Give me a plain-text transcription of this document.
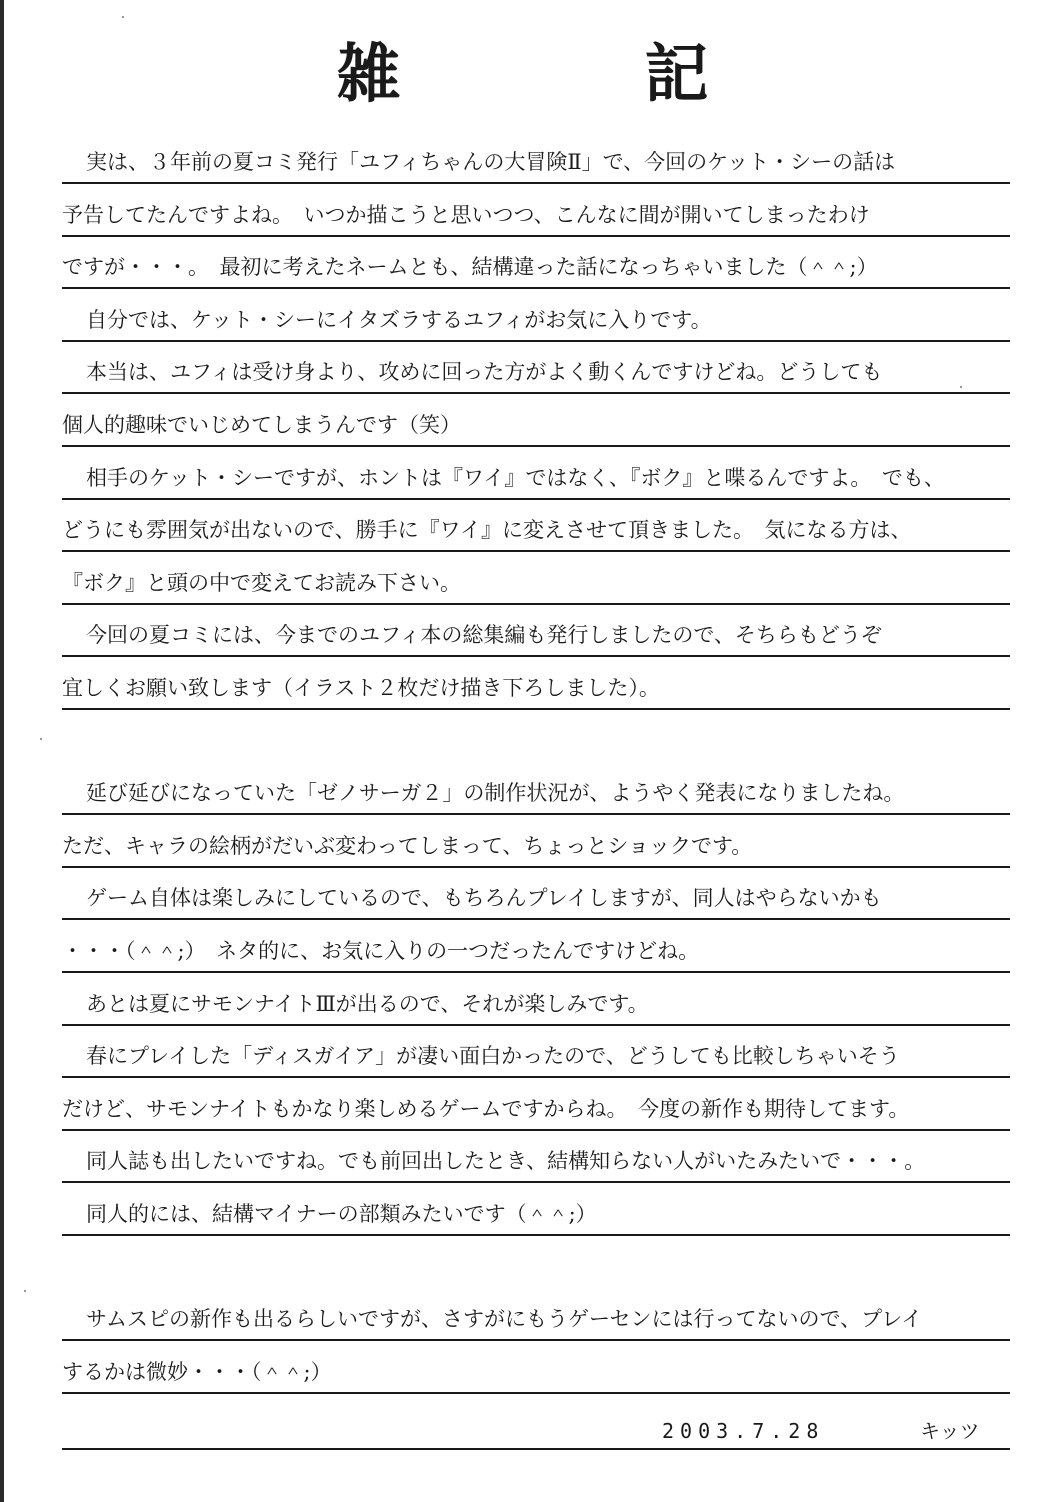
雑　記
実は、３年前の夏コミ発行「ユフィちゃんの大冒険Ⅱ」で、今回のケット・シーの話は
予告してたんですよね。　いつか描こうと思いつつ、こんなに間が開いてしまったわけ
ですが・・・。　最初に考えたネームとも、結構違った話になっちゃいました（＾＾;）
自分では、ケット・シーにイタズラするユフィがお気に入りです。
本当は、ユフィは受け身より、攻めに回った方がよく動くんですけどね。どうしても
個人的趣味でいじめてしまうんです（笑）
相手のケット・シーですが、ホントは『ワイ』ではなく、『ボク』と喋るんですよ。　でも、
どうにも雰囲気が出ないので、勝手に『ワイ』に変えさせて頂きました。　気になる方は、
『ボク』と頭の中で変えてお読み下さい。
今回の夏コミには、今までのユフィ本の総集編も発行しましたので、そちらもどうぞ
宜しくお願い致します（イラスト２枚だけ描き下ろしました）。
延び延びになっていた「ゼノサーガ２」の制作状況が、ようやく発表になりましたね。
ただ、キャラの絵柄がだいぶ変わってしまって、ちょっとショックです。
ゲーム自体は楽しみにしているので、もちろんプレイしますが、同人はやらないかも
・・・（＾＾;）　ネタ的に、お気に入りの一つだったんですけどね。
あとは夏にサモンナイトⅢが出るので、それが楽しみです。
春にプレイした「ディスガイア」が凄い面白かったので、どうしても比較しちゃいそう
だけど、サモンナイトもかなり楽しめるゲームですからね。　今度の新作も期待してます。
同人誌も出したいですね。でも前回出したとき、結構知らない人がいたみたいで・・・。
同人的には、結構マイナーの部類みたいです（＾＾;）
サムスピの新作も出るらしいですが、さすがにもうゲーセンには行ってないので、プレイ
するかは微妙・・・（＾＾;）
2003.7.28	キッツ
